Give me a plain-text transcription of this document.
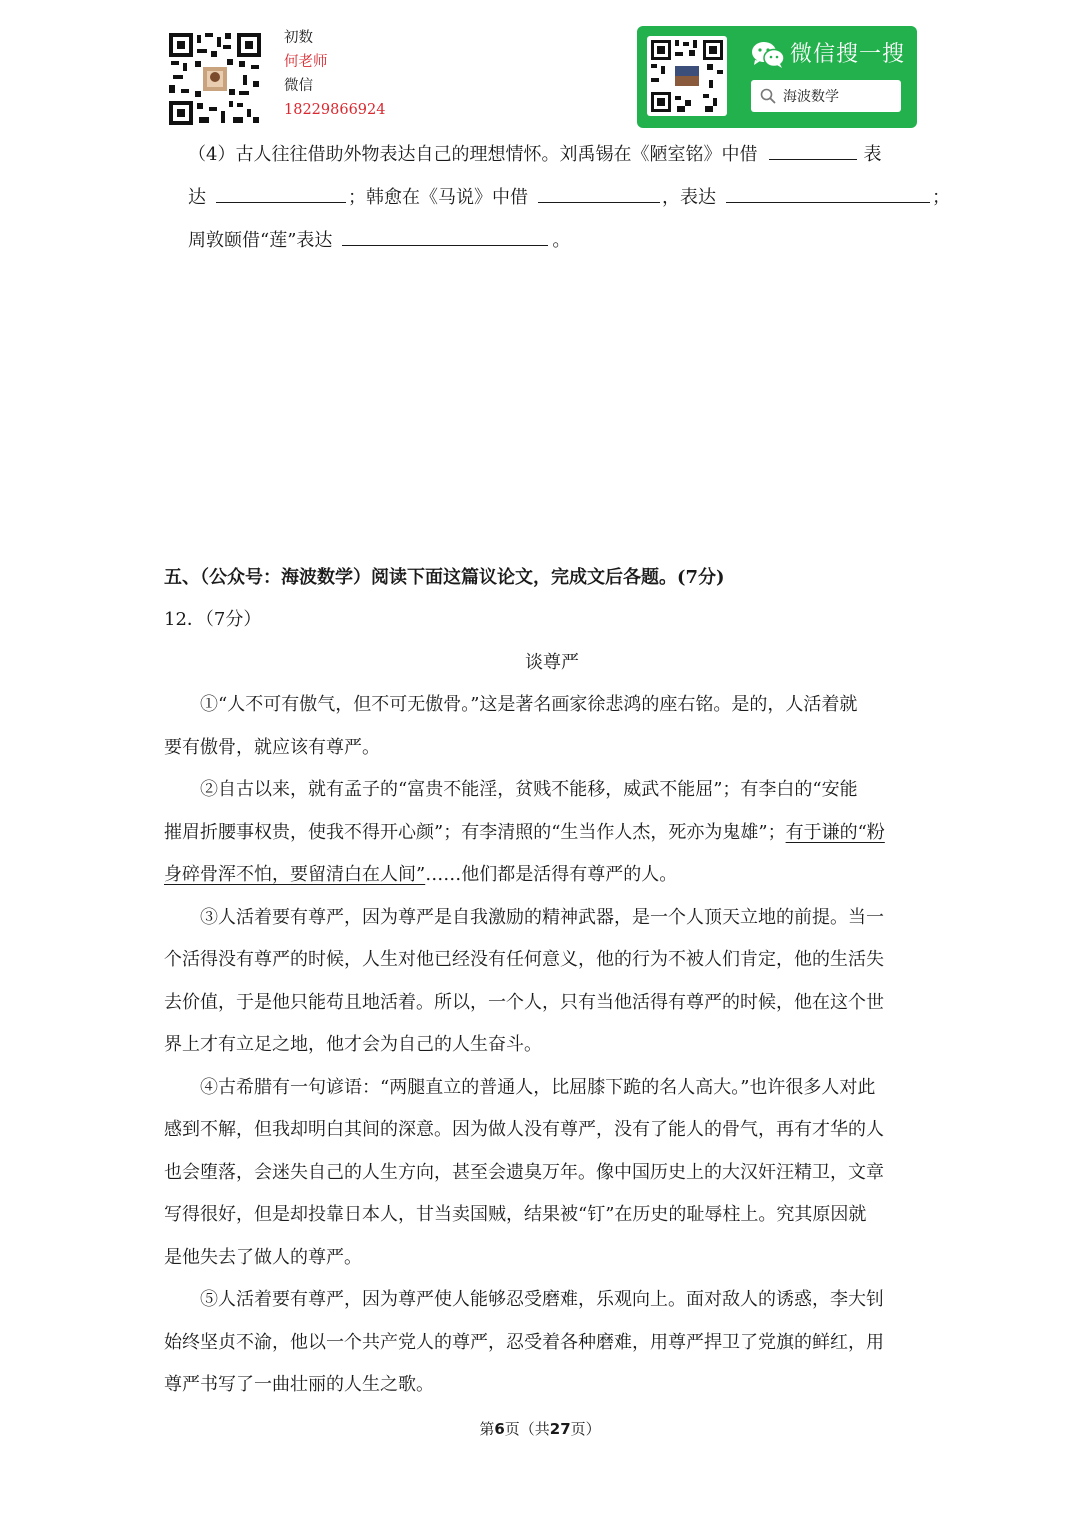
初数
何老师
微信
18229866924
微信搜一搜
海波数学
（4）古人往往借助外物表达自己的理想情怀。刘禹锡在《陋室铭》中借	表
达	；韩愈在《马说》中借	，表达	；
周敦颐借“莲”表达	。
五、（公众号：海波数学）阅读下面这篇议论文，完成文后各题。(7分)
12．（7分）
谈尊严
①“人不可有傲气，但不可无傲骨。”这是著名画家徐悲鸿的座右铭。是的，人活着就
要有傲骨，就应该有尊严。
②自古以来，就有孟子的“富贵不能淫，贫贱不能移，威武不能屈”；有李白的“安能
摧眉折腰事权贵，使我不得开心颜”；有李清照的“生当作人杰，死亦为鬼雄”；有于谦的“粉
身碎骨浑不怕，要留清白在人间”……他们都是活得有尊严的人。
③人活着要有尊严，因为尊严是自我激励的精神武器，是一个人顶天立地的前提。当一
个活得没有尊严的时候，人生对他已经没有任何意义，他的行为不被人们肯定，他的生活失
去价值，于是他只能苟且地活着。所以，一个人，只有当他活得有尊严的时候，他在这个世
界上才有立足之地，他才会为自己的人生奋斗。
④古希腊有一句谚语：“两腿直立的普通人，比屈膝下跪的名人高大。”也许很多人对此
感到不解，但我却明白其间的深意。因为做人没有尊严，没有了能人的骨气，再有才华的人
也会堕落，会迷失自己的人生方向，甚至会遗臭万年。像中国历史上的大汉奸汪精卫，文章
写得很好，但是却投靠日本人，甘当卖国贼，结果被“钉”在历史的耻辱柱上。究其原因就
是他失去了做人的尊严。
⑤人活着要有尊严，因为尊严使人能够忍受磨难，乐观向上。面对敌人的诱惑，李大钊
始终坚贞不渝，他以一个共产党人的尊严，忍受着各种磨难，用尊严捍卫了党旗的鲜红，用
尊严书写了一曲壮丽的人生之歌。
第6页（共27页）
